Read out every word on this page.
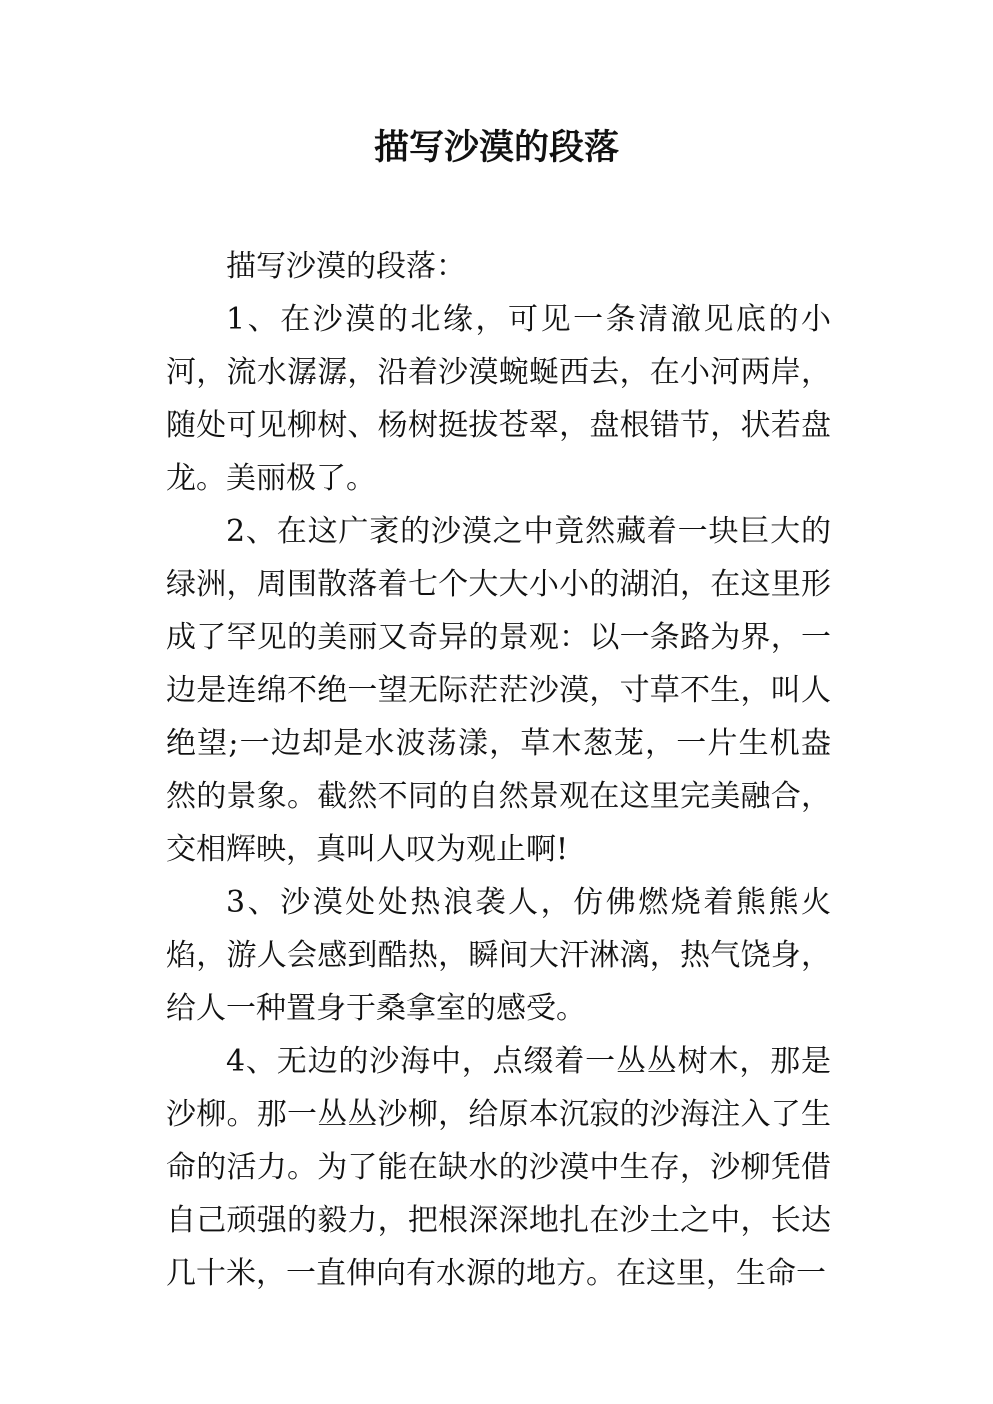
描写沙漠的段落

描写沙漠的段落：

1、在沙漠的北缘，可见一条清澈见底的小河，流水潺潺，沿着沙漠蜿蜒西去，在小河两岸，随处可见柳树、杨树挺拔苍翠，盘根错节，状若盘龙。美丽极了。

2、在这广袤的沙漠之中竟然藏着一块巨大的绿洲，周围散落着七个大大小小的湖泊，在这里形成了罕见的美丽又奇异的景观：以一条路为界，一边是连绵不绝一望无际茫茫沙漠，寸草不生，叫人绝望;一边却是水波荡漾，草木葱茏，一片生机盎然的景象。截然不同的自然景观在这里完美融合，交相辉映，真叫人叹为观止啊!

3、沙漠处处热浪袭人，仿佛燃烧着熊熊火焰，游人会感到酷热，瞬间大汗淋漓，热气饶身，给人一种置身于桑拿室的感受。

4、无边的沙海中，点缀着一丛丛树木，那是沙柳。那一丛丛沙柳，给原本沉寂的沙海注入了生命的活力。为了能在缺水的沙漠中生存，沙柳凭借自己顽强的毅力，把根深深地扎在沙土之中，长达几十米，一直伸向有水源的地方。在这里，生命一
